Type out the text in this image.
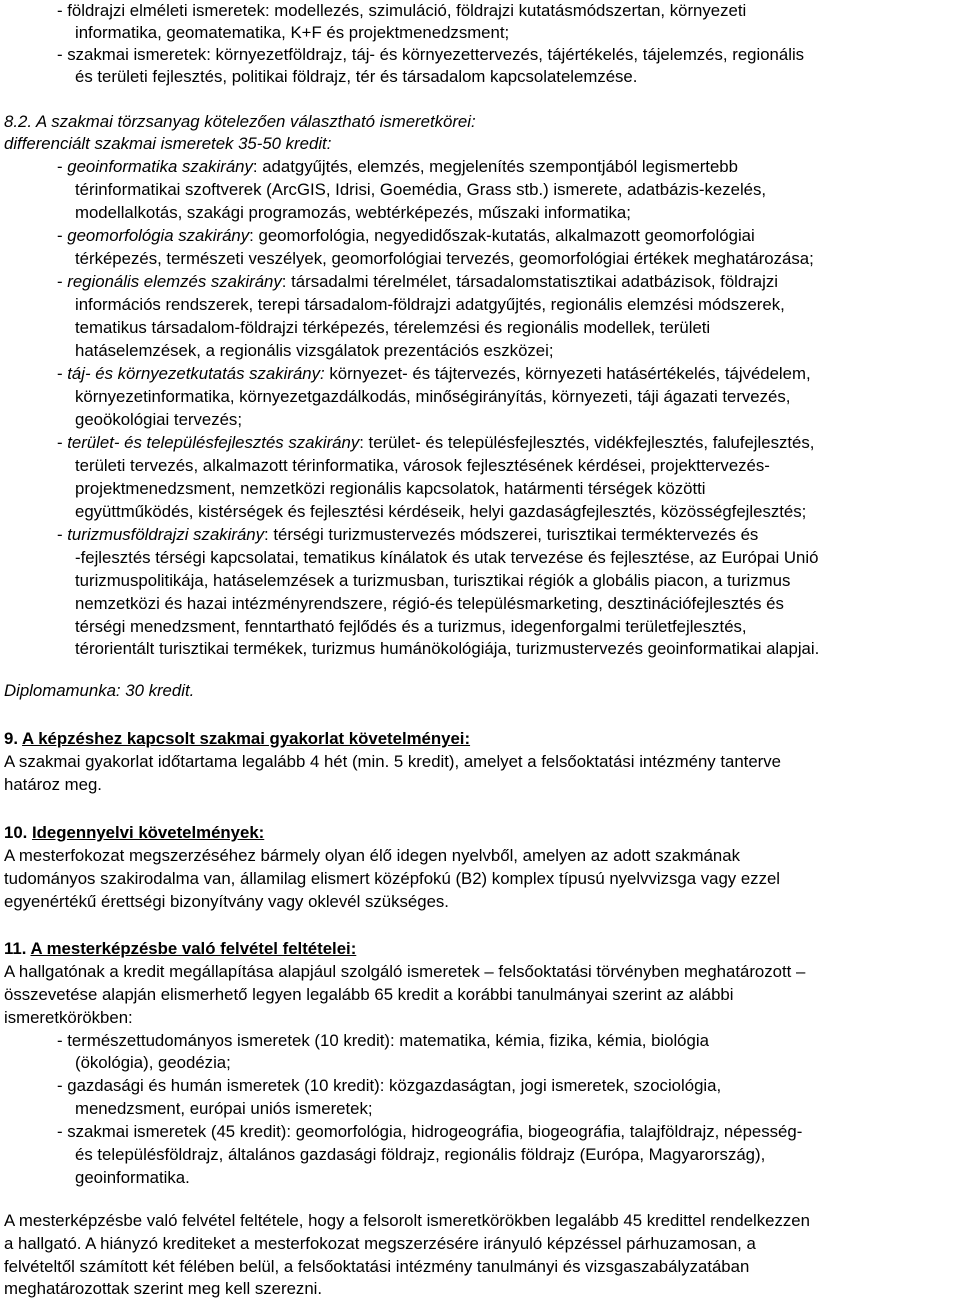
- földrajzi elméleti ismeretek: modellezés, szimuláció, földrajzi kutatásmódszertan, környezeti
informatika, geomatematika, K+F és projektmenedzsment;
- szakmai ismeretek: környezetföldrajz, táj- és környezettervezés, tájértékelés, tájelemzés, regionális
és területi fejlesztés, politikai földrajz, tér és társadalom kapcsolatelemzése.
8.2. A szakmai törzsanyag kötelezően választható ismeretkörei:
differenciált szakmai ismeretek 35-50 kredit:
- geoinformatika szakirány: adatgyűjtés, elemzés, megjelenítés szempontjából legismertebb
térinformatikai szoftverek (ArcGIS, Idrisi, Goemédia, Grass stb.) ismerete, adatbázis-kezelés,
modellalkotás, szakági programozás, webtérképezés, műszaki informatika;
- geomorfológia szakirány: geomorfológia, negyedidőszak-kutatás, alkalmazott geomorfológiai
térképezés, természeti veszélyek, geomorfológiai tervezés, geomorfológiai értékek meghatározása;
- regionális elemzés szakirány: társadalmi térelmélet, társadalomstatisztikai adatbázisok, földrajzi
információs rendszerek, terepi társadalom-földrajzi adatgyűjtés, regionális elemzési módszerek,
tematikus társadalom-földrajzi térképezés, térelemzési és regionális modellek, területi
hatáselemzések, a regionális vizsgálatok prezentációs eszközei;
- táj- és környezetkutatás szakirány: környezet- és tájtervezés, környezeti hatásértékelés, tájvédelem,
környezetinformatika, környezetgazdálkodás, minőségirányítás, környezeti, táji ágazati tervezés,
geoökológiai tervezés;
- terület- és településfejlesztés szakirány: terület- és településfejlesztés, vidékfejlesztés, falufejlesztés,
területi tervezés, alkalmazott térinformatika, városok fejlesztésének kérdései, projekttervezés-
projektmenedzsment, nemzetközi regionális kapcsolatok, határmenti térségek közötti
együttműködés, kistérségek és fejlesztési kérdéseik, helyi gazdaságfejlesztés, közösségfejlesztés;
- turizmusföldrajzi szakirány: térségi turizmustervezés módszerei, turisztikai terméktervezés és
-fejlesztés térségi kapcsolatai, tematikus kínálatok és utak tervezése és fejlesztése, az Európai Unió
turizmuspolitikája, hatáselemzések a turizmusban, turisztikai régiók a globális piacon, a turizmus
nemzetközi és hazai intézményrendszere, régió-és településmarketing, desztinációfejlesztés és
térségi menedzsment, fenntartható fejlődés és a turizmus, idegenforgalmi területfejlesztés,
térorientált turisztikai termékek, turizmus humánökológiája, turizmustervezés geoinformatikai alapjai.
Diplomamunka: 30 kredit.
9. A képzéshez kapcsolt szakmai gyakorlat követelményei:
A szakmai gyakorlat időtartama legalább 4 hét (min. 5 kredit), amelyet a felsőoktatási intézmény tanterve
határoz meg.
10. Idegennyelvi követelmények:
A mesterfokozat megszerzéséhez bármely olyan élő idegen nyelvből, amelyen az adott szakmának
tudományos szakirodalma van, államilag elismert középfokú (B2) komplex típusú nyelvvizsga vagy ezzel
egyenértékű érettségi bizonyítvány vagy oklevél szükséges.
11. A mesterképzésbe való felvétel feltételei:
A hallgatónak a kredit megállapítása alapjául szolgáló ismeretek – felsőoktatási törvényben meghatározott –
összevetése alapján elismerhető legyen legalább 65 kredit a korábbi tanulmányai szerint az alábbi
ismeretkörökben:
- természettudományos ismeretek (10 kredit): matematika, kémia, fizika, kémia, biológia
(ökológia), geodézia;
- gazdasági és humán ismeretek (10 kredit): közgazdaságtan, jogi ismeretek, szociológia,
menedzsment, európai uniós ismeretek;
- szakmai ismeretek (45 kredit): geomorfológia, hidrogeográfia, biogeográfia, talajföldrajz, népesség-
és településföldrajz, általános gazdasági földrajz, regionális földrajz (Európa, Magyarország),
geoinformatika.
A mesterképzésbe való felvétel feltétele, hogy a felsorolt ismeretkörökben legalább 45 kredittel rendelkezzen
a hallgató. A hiányzó krediteket a mesterfokozat megszerzésére irányuló képzéssel párhuzamosan, a
felvételtől számított két félében belül, a felsőoktatási intézmény tanulmányi és vizsgaszabályzatában
meghatározottak szerint meg kell szerezni.
